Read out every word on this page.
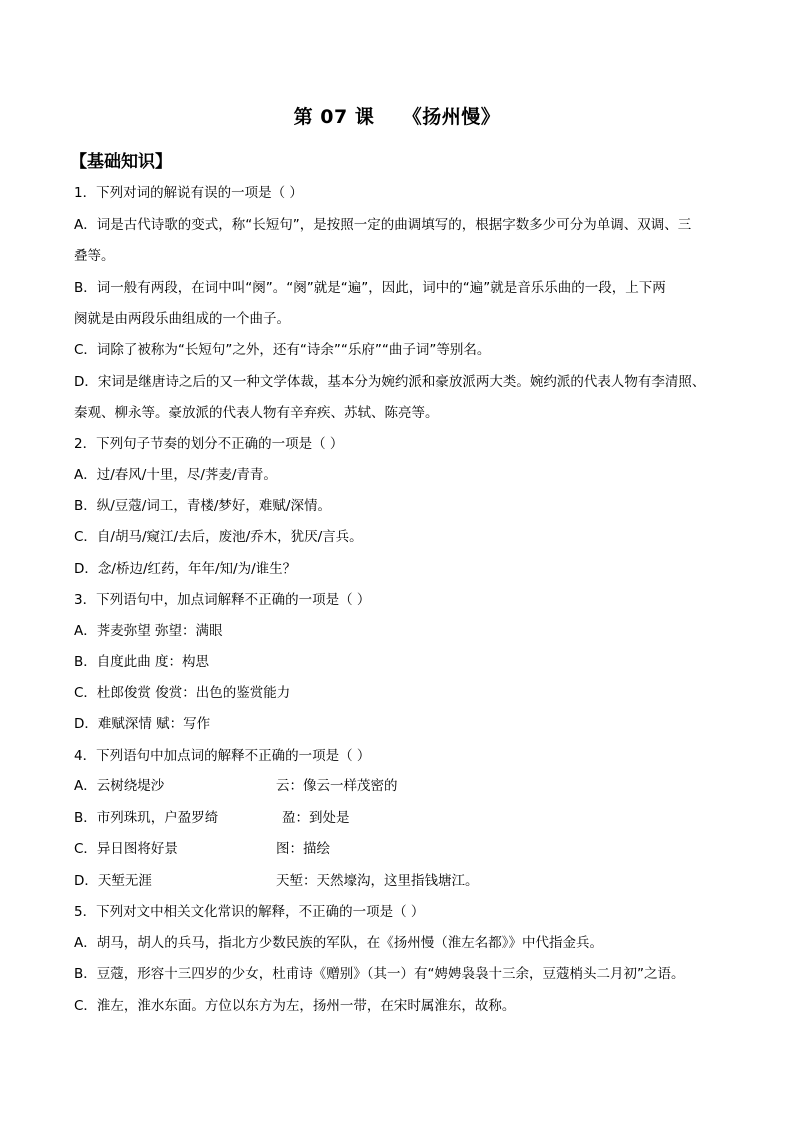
第 07 课    《扬州慢》
【基础知识】
1．下列对词的解说有误的一项是（ ）
A．词是古代诗歌的变式，称“长短句”，是按照一定的曲调填写的，根据字数多少可分为单调、双调、三
叠等。
B．词一般有两段，在词中叫“阕”。“阕”就是“遍”，因此，词中的“遍”就是音乐乐曲的一段，上下两
阕就是由两段乐曲组成的一个曲子。
C．词除了被称为“长短句”之外，还有“诗余”“乐府”“曲子词”等别名。
D．宋词是继唐诗之后的又一种文学体裁，基本分为婉约派和豪放派两大类。婉约派的代表人物有李清照、
秦观、柳永等。豪放派的代表人物有辛弃疾、苏轼、陈亮等。
2．下列句子节奏的划分不正确的一项是（ ）
A．过/春风/十里，尽/荠麦/青青。
B．纵/豆蔻/词工，青楼/梦好，难赋/深情。
C．自/胡马/窥江/去后，废池/乔木，犹厌/言兵。
D．念/桥边/红药，年年/知/为/谁生？
3．下列语句中，加点词解释不正确的一项是（ ）
A．荠麦弥望 弥望：满眼
B．自度此曲 度：构思
C．杜郎俊赏 俊赏：出色的鉴赏能力
D．难赋深情 赋：写作
4．下列语句中加点词的解释不正确的一项是（ ）
A．云树绕堤沙	云：像云一样茂密的
B．市列珠玑，户盈罗绮	盈：到处是
C．异日图将好景	图：描绘
D．天堑无涯	天堑：天然壕沟，这里指钱塘江。
5．下列对文中相关文化常识的解释，不正确的一项是（ ）
A．胡马，胡人的兵马，指北方少数民族的军队，在《扬州慢（淮左名都》》中代指金兵。
B．豆蔻，形容十三四岁的少女，杜甫诗《赠别》（其一）有“娉娉袅袅十三余，豆蔻梢头二月初”之语。
C．淮左，淮水东面。方位以东方为左，扬州一带，在宋时属淮东，故称。
